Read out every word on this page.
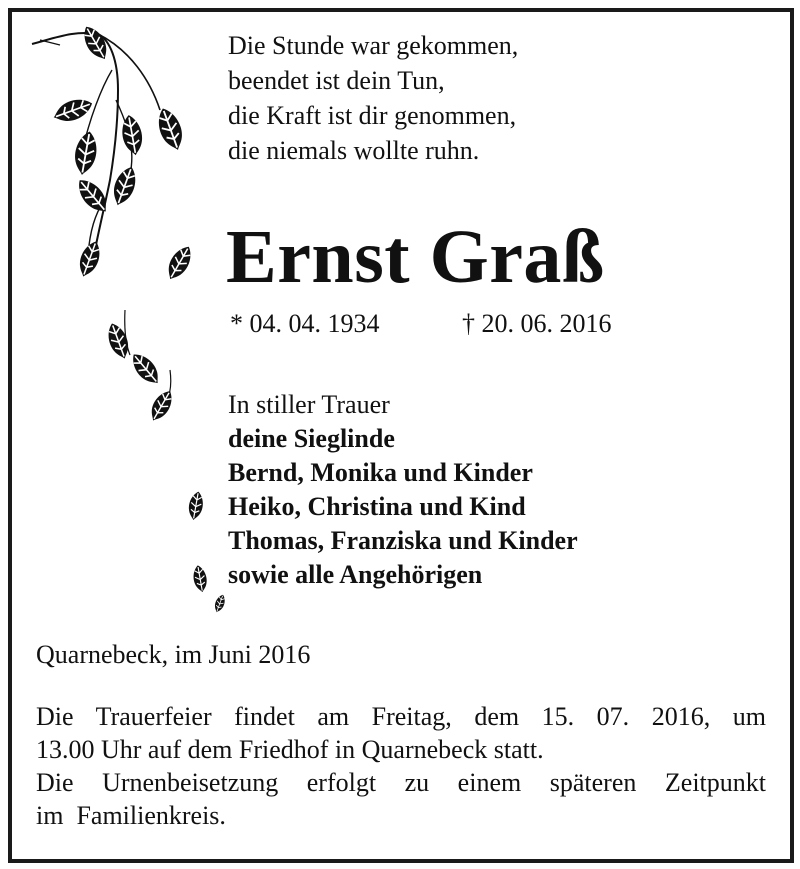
Die Stunde war gekommen,
beendet ist dein Tun,
die Kraft ist dir genommen,
die niemals wollte ruhn.
Ernst Graß
* 04. 04. 1934	† 20. 06. 2016
In stiller Trauer
deine Sieglinde
Bernd, Monika und Kinder
Heiko, Christina und Kind
Thomas, Franziska und Kinder
sowie alle Angehörigen
Quarnebeck, im Juni 2016
Die Trauerfeier findet am Freitag, dem 15. 07. 2016, um
13.00 Uhr auf dem Friedhof in Quarnebeck statt.
Die Urnenbeisetzung erfolgt zu einem späteren Zeitpunkt
im  Familienkreis.
